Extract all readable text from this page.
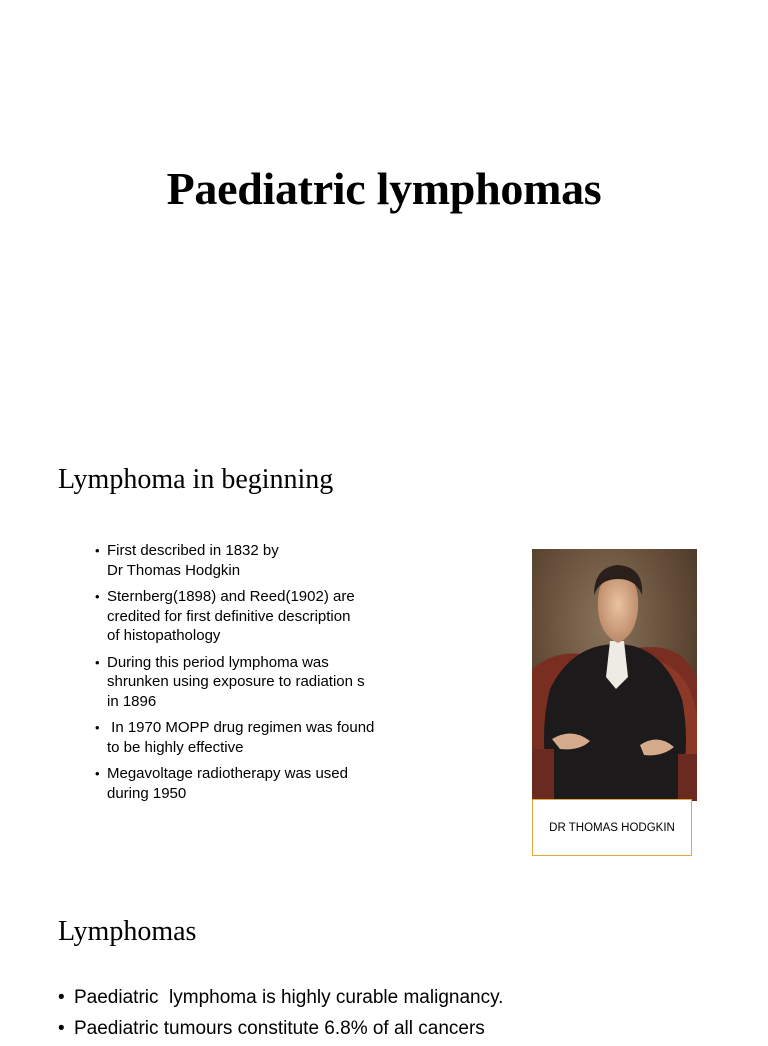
Paediatric lymphomas
Lymphoma in beginning
• First described in 1832 by
Dr Thomas Hodgkin
• Sternberg(1898) and Reed(1902) are
credited for first definitive description
of histopathology
• During this period lymphoma was
shrunken using exposure to radiation s
in 1896
• In 1970 MOPP drug regimen was found
to be highly effective
• Megavoltage radiotherapy was used
during 1950
DR THOMAS HODGKIN
Lymphomas
• Paediatric  lymphoma is highly curable malignancy.
• Paediatric tumours constitute 6.8% of all cancers
